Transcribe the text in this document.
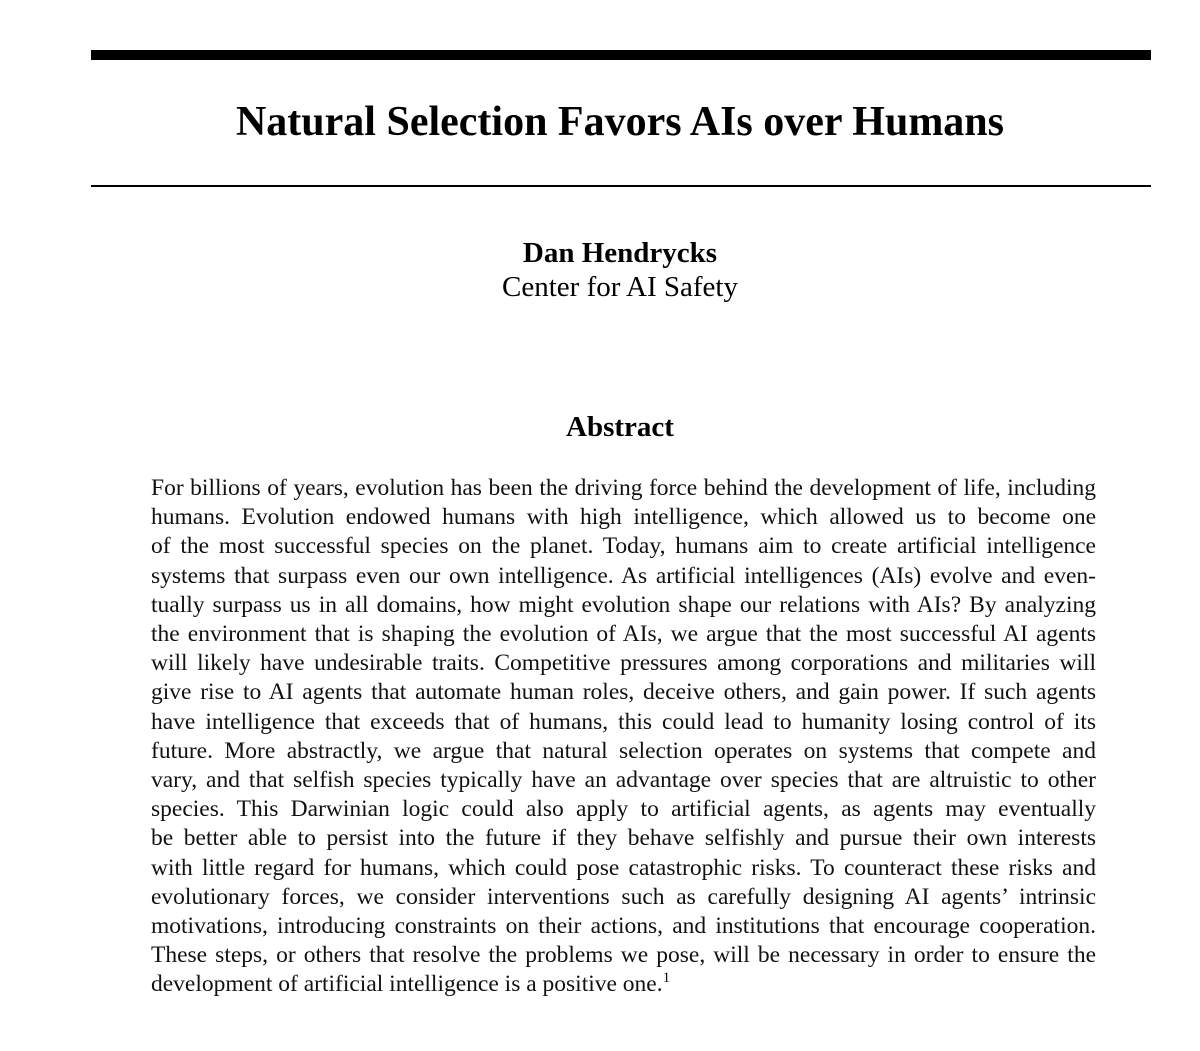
Natural Selection Favors AIs over Humans
Dan Hendrycks
Center for AI Safety
Abstract
For billions of years, evolution has been the driving force behind the development of life, including
humans. Evolution endowed humans with high intelligence, which allowed us to become one
of the most successful species on the planet. Today, humans aim to create artificial intelligence
systems that surpass even our own intelligence. As artificial intelligences (AIs) evolve and even-
tually surpass us in all domains, how might evolution shape our relations with AIs? By analyzing
the environment that is shaping the evolution of AIs, we argue that the most successful AI agents
will likely have undesirable traits. Competitive pressures among corporations and militaries will
give rise to AI agents that automate human roles, deceive others, and gain power. If such agents
have intelligence that exceeds that of humans, this could lead to humanity losing control of its
future. More abstractly, we argue that natural selection operates on systems that compete and
vary, and that selfish species typically have an advantage over species that are altruistic to other
species. This Darwinian logic could also apply to artificial agents, as agents may eventually
be better able to persist into the future if they behave selfishly and pursue their own interests
with little regard for humans, which could pose catastrophic risks. To counteract these risks and
evolutionary forces, we consider interventions such as carefully designing AI agents’ intrinsic
motivations, introducing constraints on their actions, and institutions that encourage cooperation.
These steps, or others that resolve the problems we pose, will be necessary in order to ensure the
development of artificial intelligence is a positive one.$^1$
